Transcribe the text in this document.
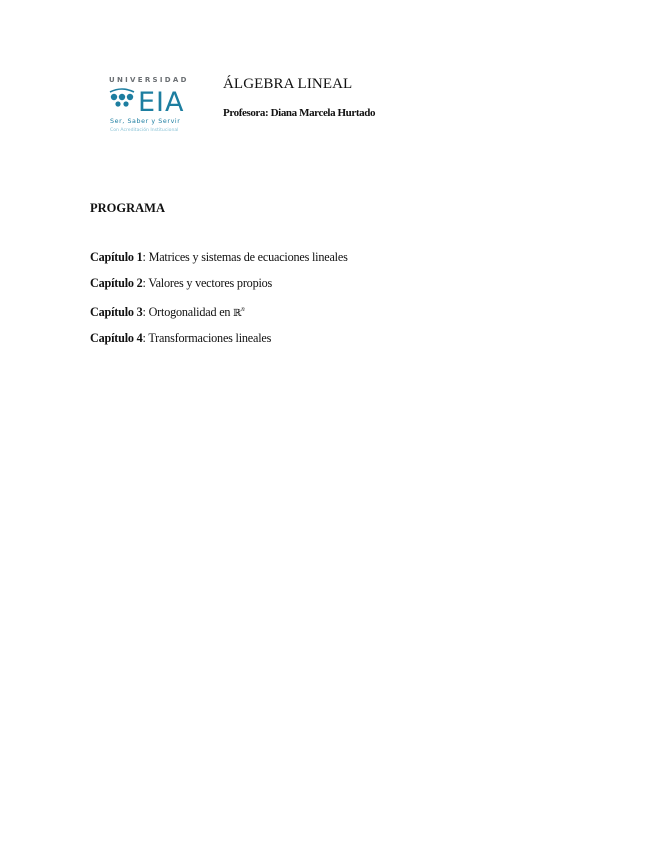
UNIVERSIDAD
EIA
Ser, Saber y Servir
Con Acreditación Institucional
ÁLGEBRA LINEAL
Profesora: Diana Marcela Hurtado
PROGRAMA
Capítulo 1: Matrices y sistemas de ecuaciones lineales
Capítulo 2: Valores y vectores propios
Capítulo 3: Ortogonalidad en ℝ$^n$
Capítulo 4: Transformaciones lineales
